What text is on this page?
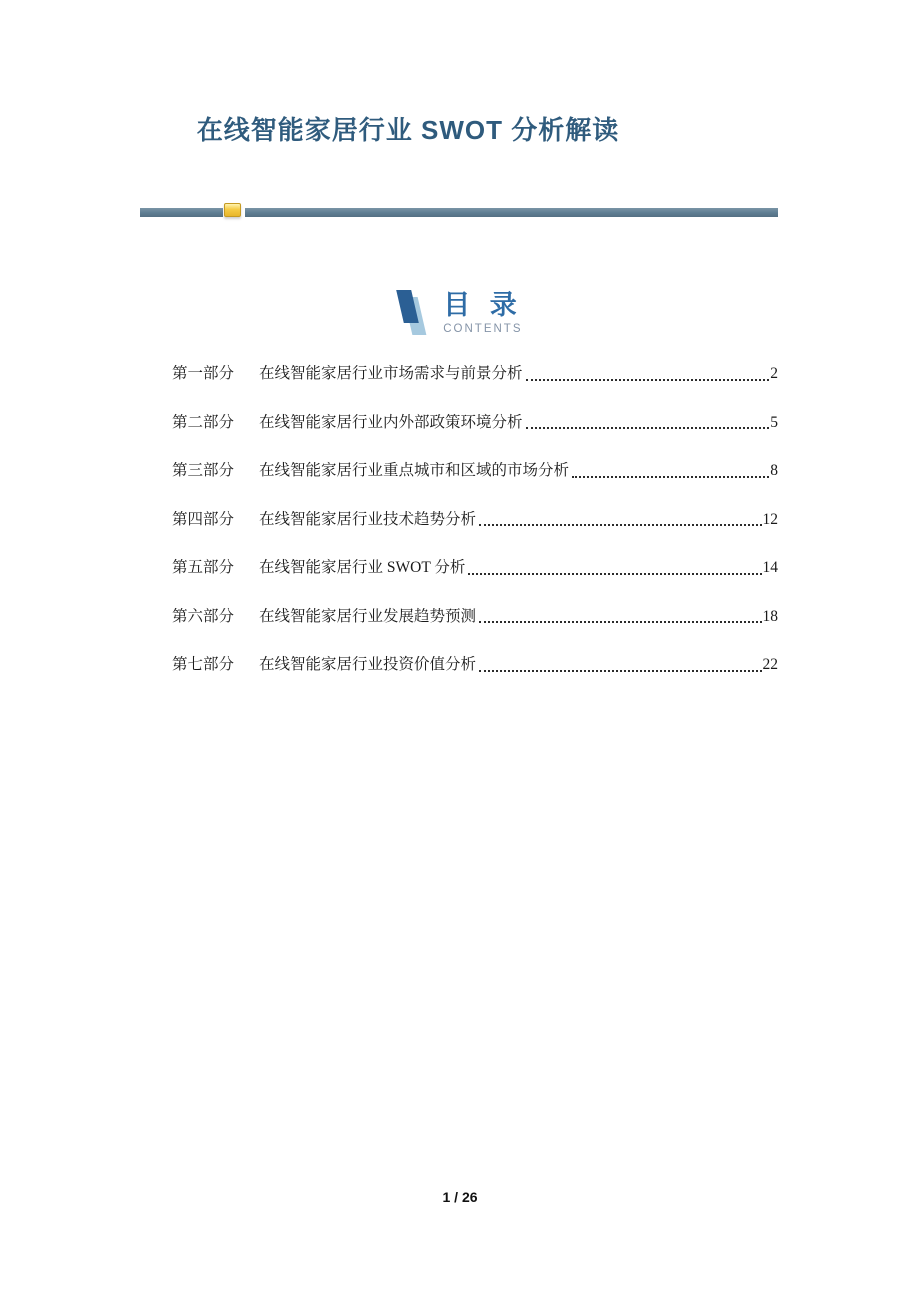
在线智能家居行业 SWOT 分析解读
目 录
CONTENTS
第一部分	在线智能家居行业市场需求与前景分析	2
第二部分	在线智能家居行业内外部政策环境分析	5
第三部分	在线智能家居行业重点城市和区域的市场分析	8
第四部分	在线智能家居行业技术趋势分析	12
第五部分	在线智能家居行业 SWOT 分析	14
第六部分	在线智能家居行业发展趋势预测	18
第七部分	在线智能家居行业投资价值分析	22
1 / 26
